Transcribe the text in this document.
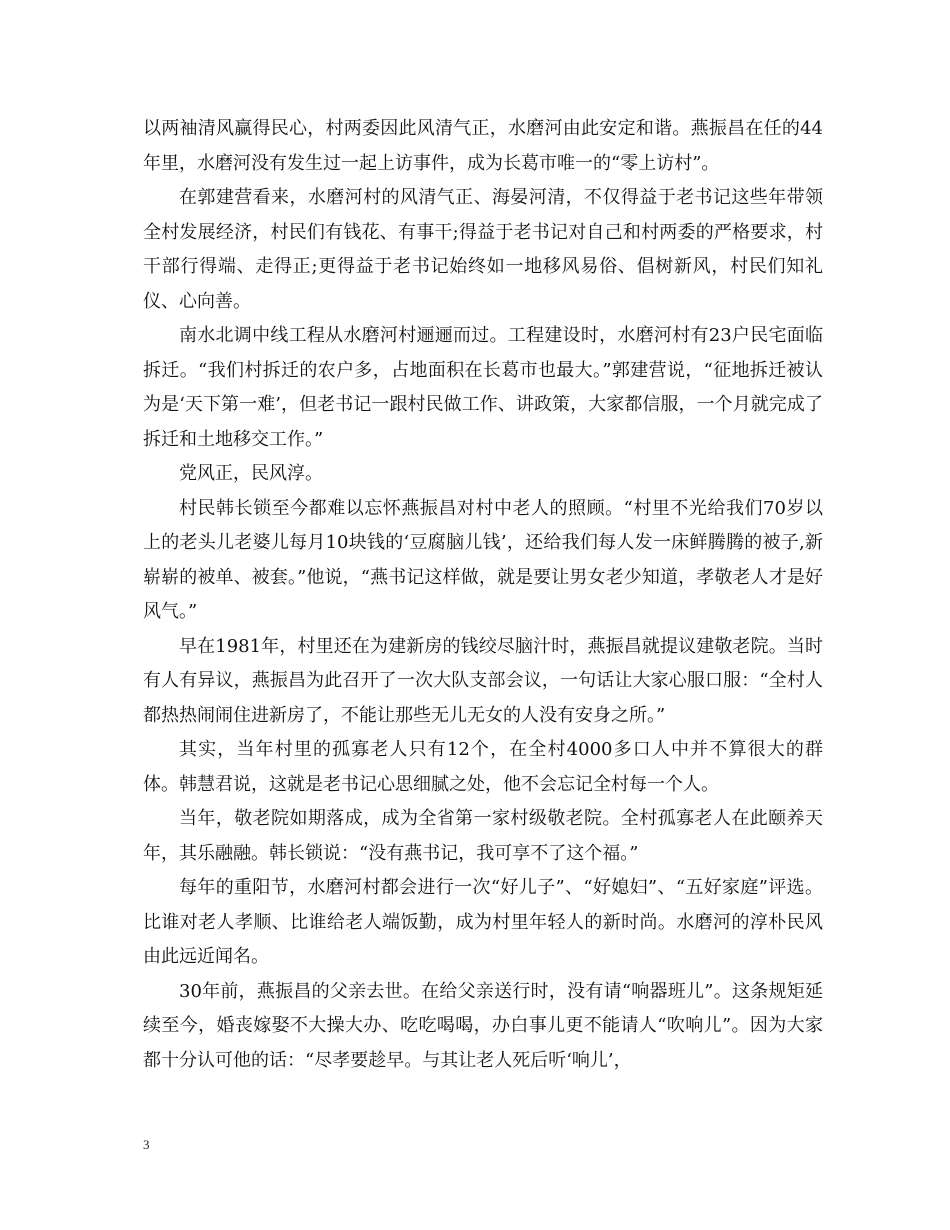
以两袖清风赢得民心，村两委因此风清气正，水磨河由此安定和谐。燕振昌在任的44年里，水磨河没有发生过一起上访事件，成为长葛市唯一的“零上访村”。

在郭建营看来，水磨河村的风清气正、海晏河清，不仅得益于老书记这些年带领全村发展经济，村民们有钱花、有事干;得益于老书记对自己和村两委的严格要求，村干部行得端、走得正;更得益于老书记始终如一地移风易俗、倡树新风，村民们知礼仪、心向善。

南水北调中线工程从水磨河村逦逦而过。工程建设时，水磨河村有23户民宅面临拆迁。“我们村拆迁的农户多，占地面积在长葛市也最大。”郭建营说，“征地拆迁被认为是‘天下第一难’，但老书记一跟村民做工作、讲政策，大家都信服，一个月就完成了拆迁和土地移交工作。”

党风正，民风淳。

村民韩长锁至今都难以忘怀燕振昌对村中老人的照顾。“村里不光给我们70岁以上的老头儿老婆儿每月10块钱的‘豆腐脑儿钱’，还给我们每人发一床鲜腾腾的被子,新崭崭的被单、被套。”他说，“燕书记这样做，就是要让男女老少知道，孝敬老人才是好风气。”

早在1981年，村里还在为建新房的钱绞尽脑汁时，燕振昌就提议建敬老院。当时有人有异议，燕振昌为此召开了一次大队支部会议，一句话让大家心服口服：“全村人都热热闹闹住进新房了，不能让那些无儿无女的人没有安身之所。”

其实，当年村里的孤寡老人只有12个，在全村4000多口人中并不算很大的群体。韩慧君说，这就是老书记心思细腻之处，他不会忘记全村每一个人。

当年，敬老院如期落成，成为全省第一家村级敬老院。全村孤寡老人在此颐养天年，其乐融融。韩长锁说：“没有燕书记，我可享不了这个福。”

每年的重阳节，水磨河村都会进行一次“好儿子”、“好媳妇”、“五好家庭”评选。比谁对老人孝顺、比谁给老人端饭勤，成为村里年轻人的新时尚。水磨河的淳朴民风由此远近闻名。

30年前，燕振昌的父亲去世。在给父亲送行时，没有请“响器班儿”。这条规矩延续至今，婚丧嫁娶不大操大办、吃吃喝喝，办白事儿更不能请人“吹响儿”。因为大家都十分认可他的话：“尽孝要趁早。与其让老人死后听‘响儿’，

3
